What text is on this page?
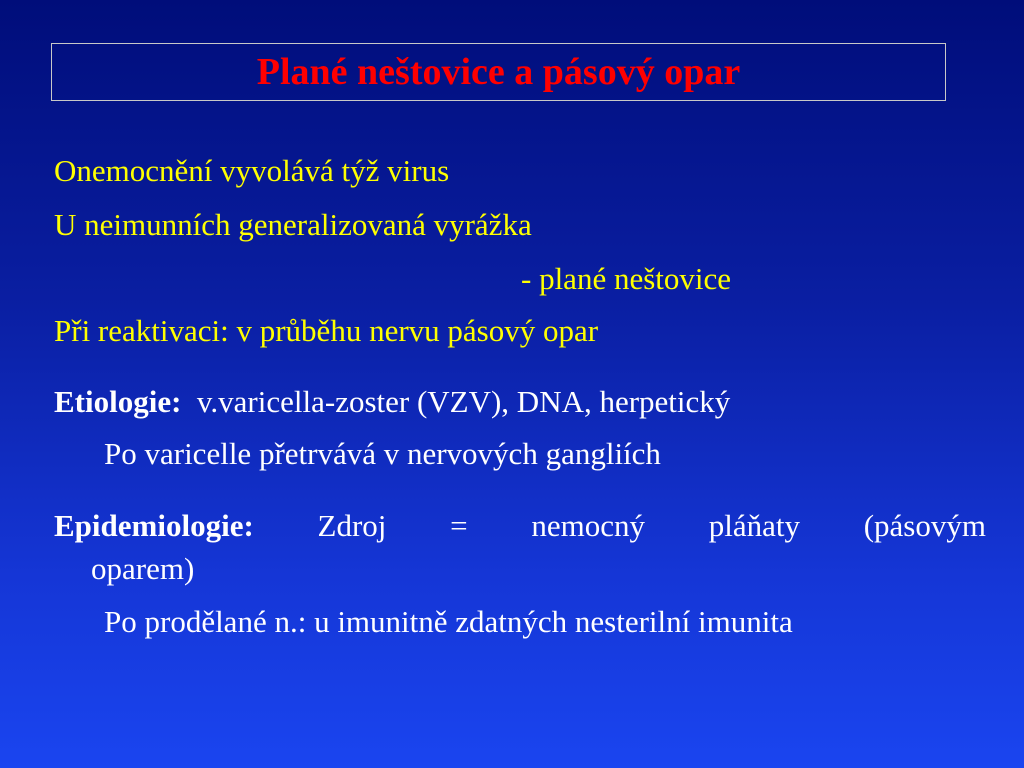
Plané neštovice a pásový opar
Onemocnění vyvolává týž virus
U neimunních generalizovaná vyrážka
- plané neštovice
Při reaktivaci: v průběhu nervu pásový opar
Etiologie: v.varicella-zoster (VZV), DNA, herpetický
Po varicelle přetrvává v nervových gangliích
Epidemiologie: Zdroj = nemocný pláňaty (pásovým
oparem)
Po prodělané n.: u imunitně zdatných nesterilní imunita
